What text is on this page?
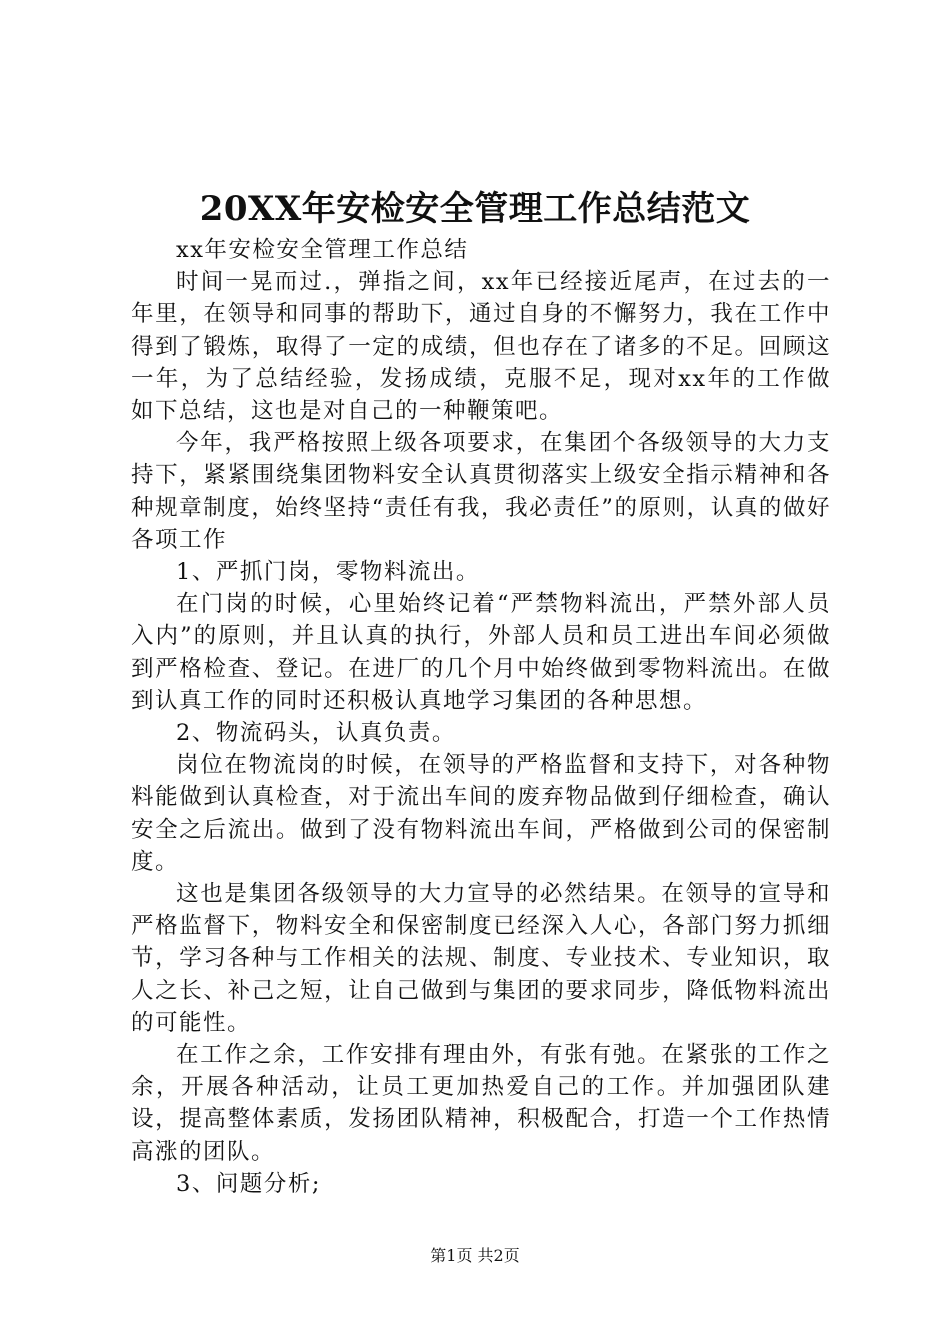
20XX年安检安全管理工作总结范文

xx年安检安全管理工作总结

时间一晃而过.，弹指之间，xx年已经接近尾声，在过去的一年里，在领导和同事的帮助下，通过自身的不懈努力，我在工作中得到了锻炼，取得了一定的成绩，但也存在了诸多的不足。回顾这一年，为了总结经验，发扬成绩，克服不足，现对xx年的工作做如下总结，这也是对自己的一种鞭策吧。

今年，我严格按照上级各项要求，在集团个各级领导的大力支持下，紧紧围绕集团物料安全认真贯彻落实上级安全指示精神和各种规章制度，始终坚持“责任有我，我必责任”的原则，认真的做好各项工作

1、严抓门岗，零物料流出。

在门岗的时候，心里始终记着“严禁物料流出，严禁外部人员入内”的原则，并且认真的执行，外部人员和员工进出车间必须做到严格检查、登记。在进厂的几个月中始终做到零物料流出。在做到认真工作的同时还积极认真地学习集团的各种思想。

2、物流码头，认真负责。

岗位在物流岗的时候，在领导的严格监督和支持下，对各种物料能做到认真检查，对于流出车间的废弃物品做到仔细检查，确认安全之后流出。做到了没有物料流出车间，严格做到公司的保密制度。

这也是集团各级领导的大力宣导的必然结果。在领导的宣导和严格监督下，物料安全和保密制度已经深入人心，各部门努力抓细节，学习各种与工作相关的法规、制度、专业技术、专业知识，取人之长、补己之短，让自己做到与集团的要求同步，降低物料流出的可能性。

在工作之余，工作安排有理由外，有张有弛。在紧张的工作之余，开展各种活动，让员工更加热爱自己的工作。并加强团队建设，提高整体素质，发扬团队精神，积极配合，打造一个工作热情高涨的团队。

3、问题分析;

第1页 共2页
